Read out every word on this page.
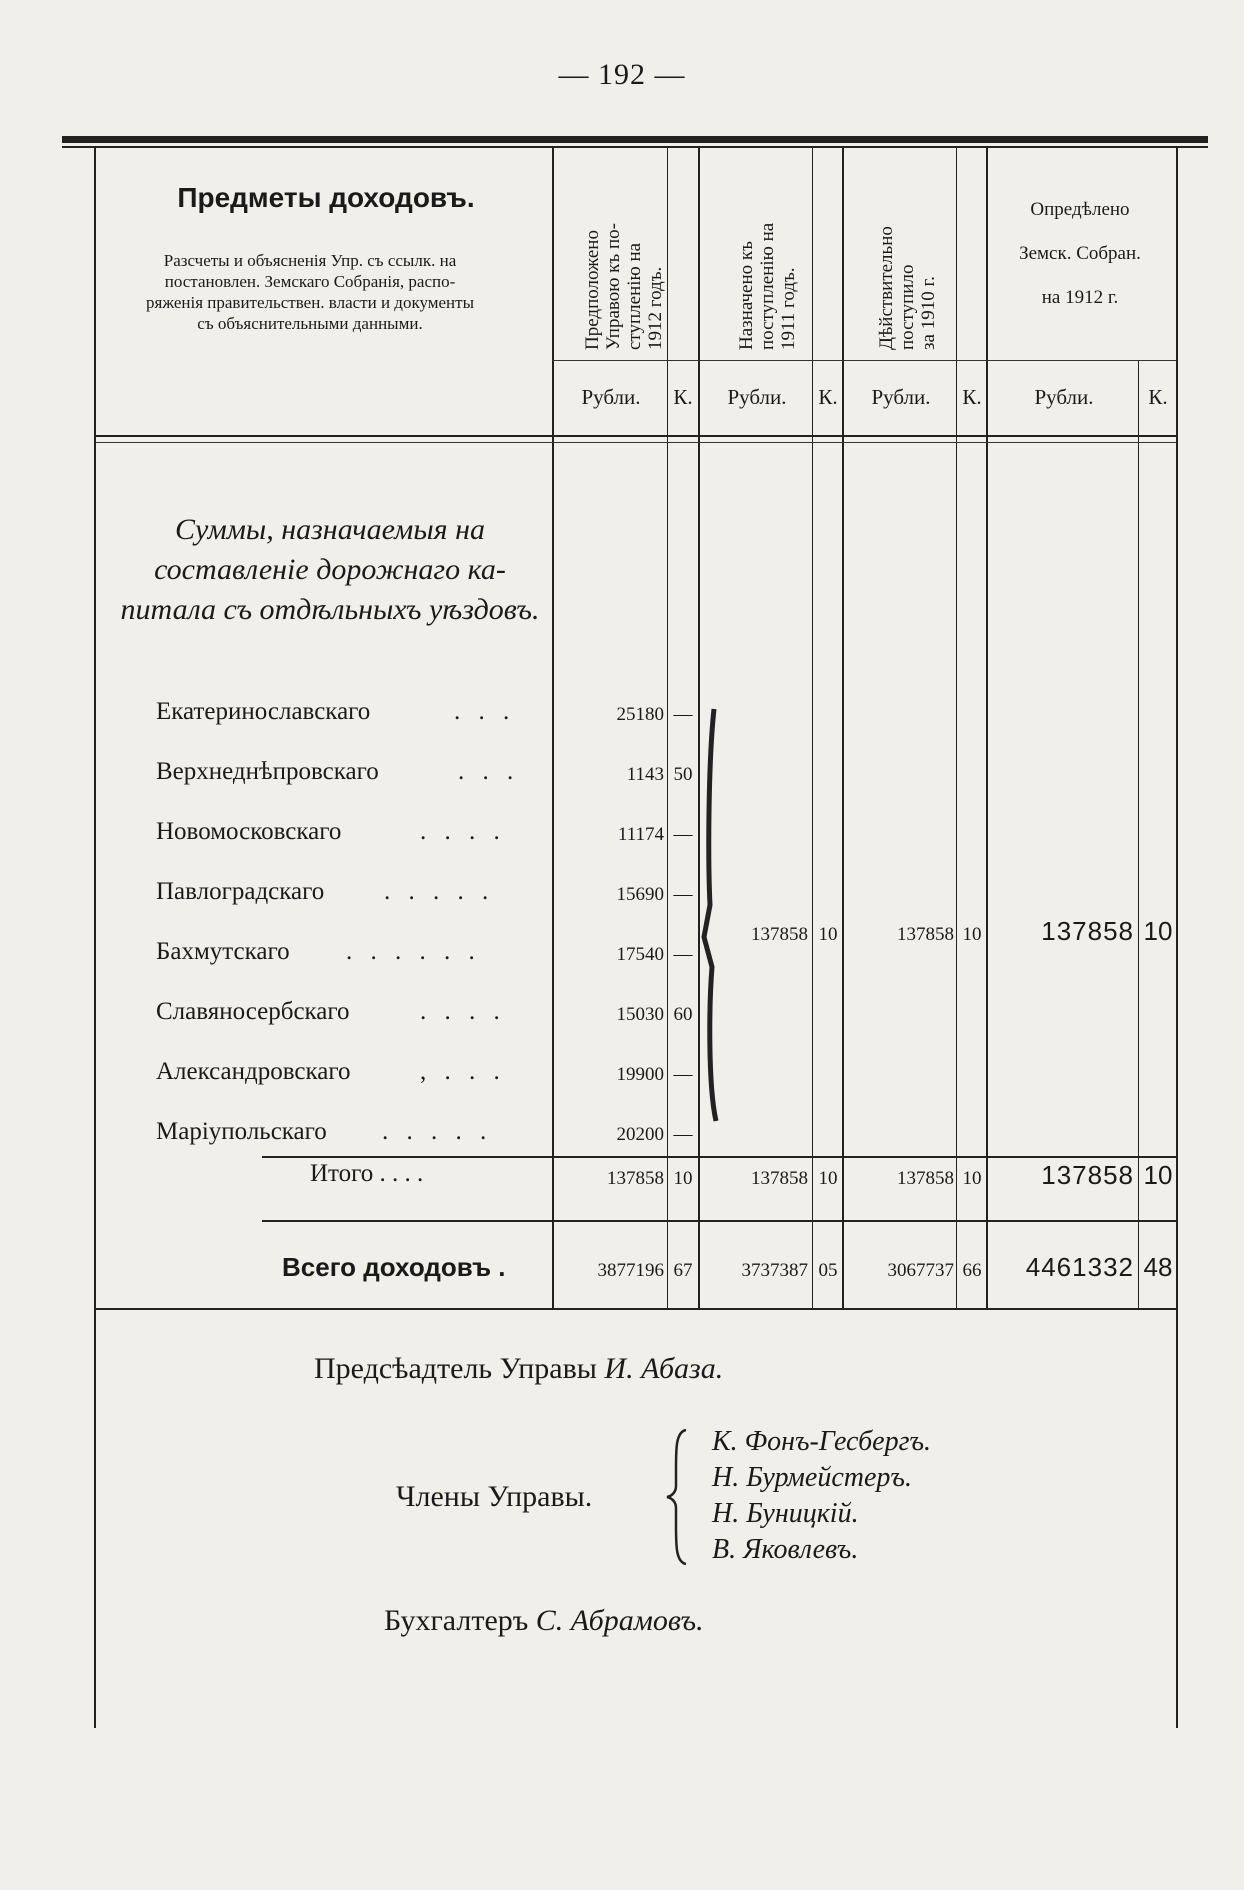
— 192 —
Предметы доходовъ.
Разсчеты и объясненія Упр. съ ссылк. на постановлен. Земскаго Собранія, распо-ряженія правительствен. власти и документы съ объяснительными данными.	Предположено Управою къ по- ступленію на 1912 годъ.	Назначено къ поступленію на 1911 годъ.	Дѣйствительно поступило за 1910 г.
Опредѣлено
Земск. Собран.
на 1912 г.
Рубли.	К.	Рубли.	К.	Рубли.	К.	Рубли.	К.
Суммы, назначаемыя на составленіе дорожнаго ка-питала съ отдѣльныхъ уѣздовъ.
Екатеринославскаго	. . .	25180 —
Верхнеднѣпровскаго	. . .	1143 50
Новомосковскаго	. . . .	11174 —
Павлоградскаго . . . . .	15690 —
Бахмутскаго . . . . . .	17540 —
Славяносербскаго	. . . .	15030 60
Александровскаго	, . . .	19900 —
Маріупольскаго . . . . .	20200 —
137858 10	137858 10	137858 10
Итого . . . .	137858 10	137858 10	137858 10	137858 10
Всего доходовъ .	3877196 67	3737387 05	3067737 66	4461332 48
Предсѣадтель Управы И. Абаза.
Члены Управы.
К. Фонъ-Гесбергъ.
Н. Бурмейстеръ.
Н. Буницкій.
В. Яковлевъ.
Бухгалтеръ С. Абрамовъ.
